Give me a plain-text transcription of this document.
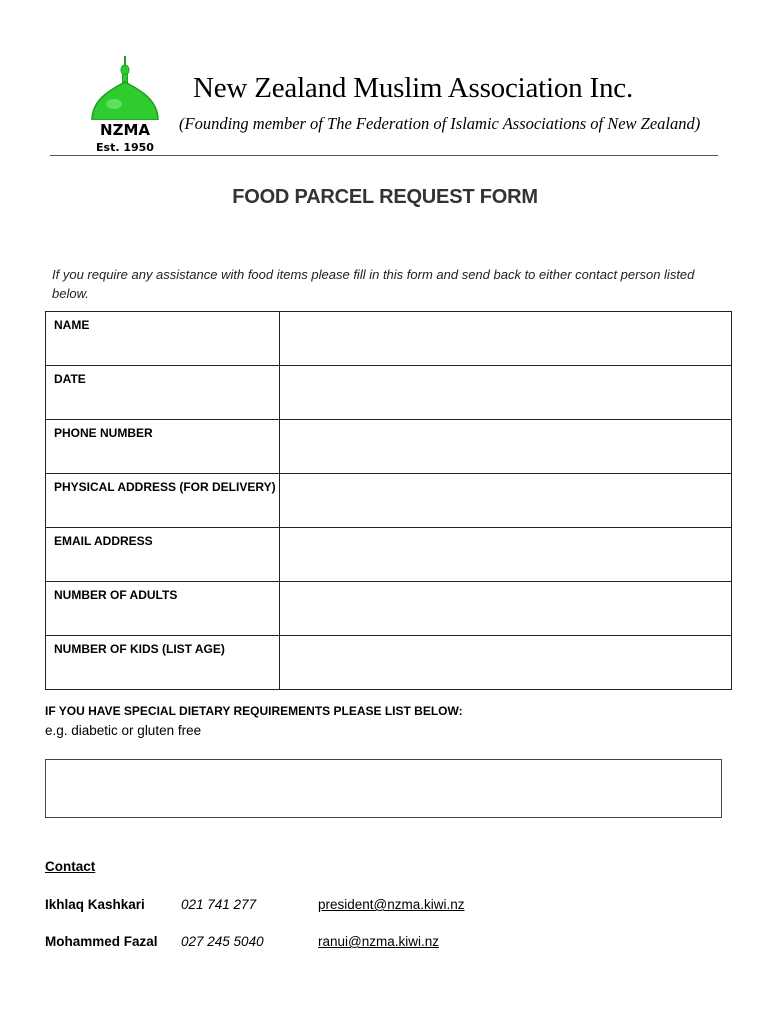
NZMA
Est. 1950
New Zealand Muslim Association Inc.
(Founding member of The Federation of Islamic Associations of New Zealand)
FOOD PARCEL REQUEST FORM
If you require any assistance with food items please fill in this form and send back to either contact person listed below.
NAME	
DATE	
PHONE NUMBER	
PHYSICAL ADDRESS (FOR DELIVERY)	
EMAIL ADDRESS	
NUMBER OF ADULTS	
NUMBER OF KIDS (LIST AGE)	
IF YOU HAVE SPECIAL DIETARY REQUIREMENTS PLEASE LIST BELOW:
e.g. diabetic or gluten free
Contact
Ikhlaq Kashkari	021 741 277	president@nzma.kiwi.nz
Mohammed Fazal 027 245 5040	ranui@nzma.kiwi.nz
